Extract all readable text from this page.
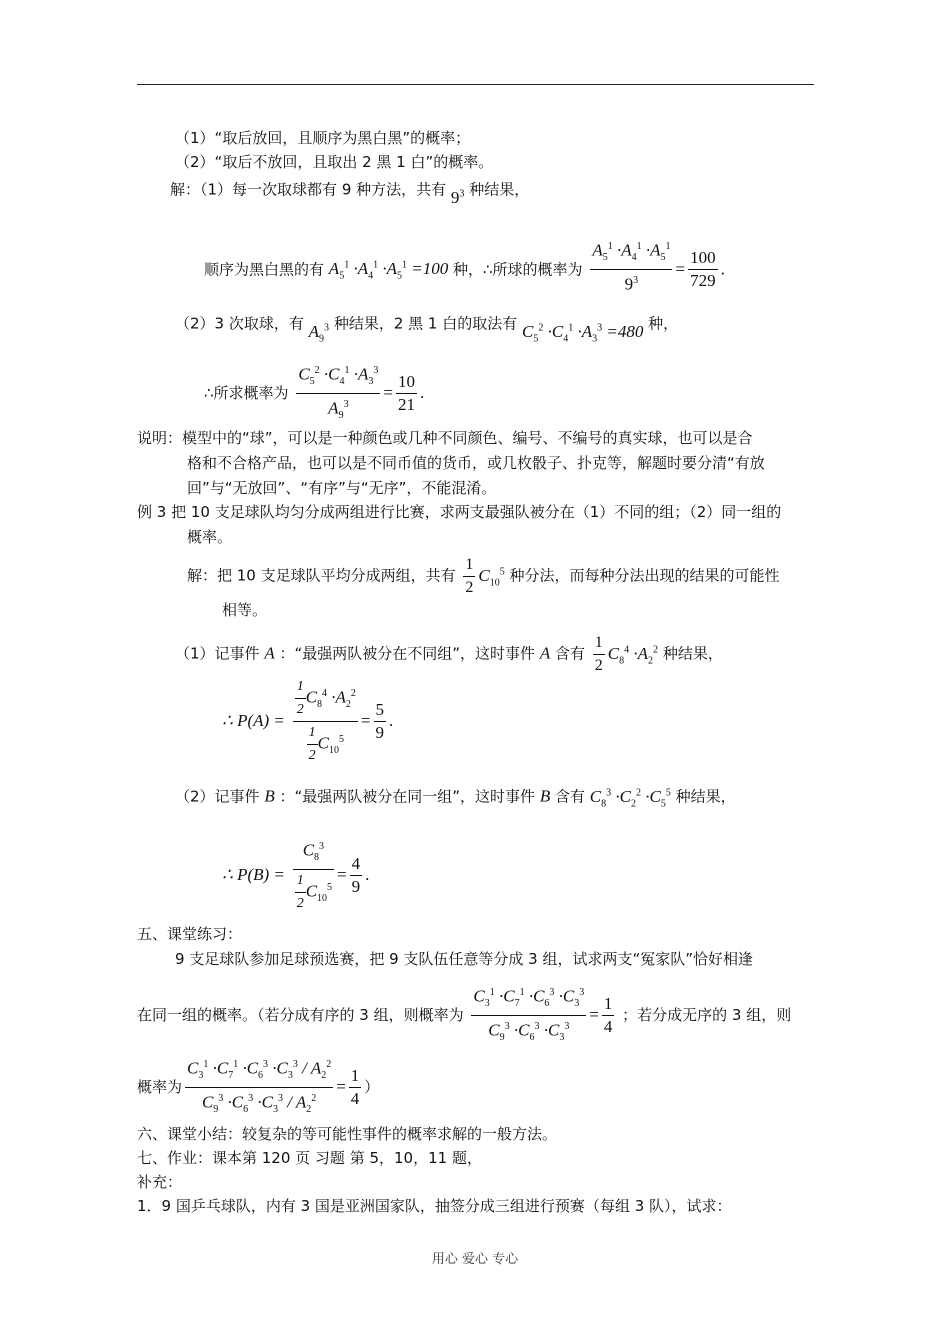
（1）“取后放回，且顺序为黑白黑”的概率；
（2）“取后不放回，且取出 2 黑 1 白”的概率。
解：（1）每一次取球都有 9 种方法，共有 $9^3$ 种结果，
顺序为黑白黑的有 $A_5^1 \cdot A_4^1 \cdot A_5^1 =100$ 种，∴所球的概率为 $\frac{A_5^1 \cdot A_4^1 \cdot A_5^1}{9^3} = \frac{100}{729}$ .
（2）3 次取球，有 $A_9^3$ 种结果，2 黑 1 白的取法有 $C_5^2 \cdot C_4^1 \cdot A_3^3 =480$ 种，
∴所求概率为 $\frac{C_5^2 \cdot C_4^1 \cdot A_3^3}{A_9^3} = \frac{10}{21}$ .
说明：模型中的“球”，可以是一种颜色或几种不同颜色、编号、不编号的真实球，也可以是合
格和不合格产品，也可以是不同币值的货币，或几枚骰子、扑克等，解题时要分清“有放
回”与“无放回”、“有序”与“无序”，不能混淆。
例 3 把 10 支足球队均匀分成两组进行比赛，求两支最强队被分在（1）不同的组；（2）同一组的
概率。
解：把 10 支足球队平均分成两组，共有 $\frac{1}{2} C_{10}^5$ 种分法，而每种分法出现的结果的可能性
相等。
（1）记事件 A ：“最强两队被分在不同组”，这时事件 A 含有 $\frac{1}{2} C_8^4 \cdot A_2^2$ 种结果，
∴ $P(A) = \frac{\frac{1}{2} C_8^4 \cdot A_2^2}{\frac{1}{2} C_{10}^5} = \frac{5}{9}$ .
（2）记事件 B ：“最强两队被分在同一组”，这时事件 B 含有 $C_8^3 \cdot C_2^2 \cdot C_5^5$ 种结果，
∴ $P(B) = \frac{C_8^3}{\frac{1}{2} C_{10}^5} = \frac{4}{9}$ .
五、课堂练习：
9 支足球队参加足球预选赛，把 9 支队伍任意等分成 3 组，试求两支“冤家队”恰好相逢
在同一组的概率。（若分成有序的 3 组，则概率为 $\frac{C_3^1 \cdot C_7^1 \cdot C_6^3 \cdot C_3^3}{C_9^3 \cdot C_6^3 \cdot C_3^3} = \frac{1}{4}$ ；若分成无序的 3 组，则
概率为 $\frac{C_3^1 \cdot C_7^1 \cdot C_6^3 \cdot C_3^3 / A_2^2}{C_9^3 \cdot C_6^3 \cdot C_3^3 / A_2^2} = \frac{1}{4}$ ）
六、课堂小结：较复杂的等可能性事件的概率求解的一般方法。
七、作业：课本第 120 页 习题 第 5，10，11 题，
补充：
1．9 国乒乓球队，内有 3 国是亚洲国家队，抽签分成三组进行预赛（每组 3 队），试求：
用心 爱心 专心
